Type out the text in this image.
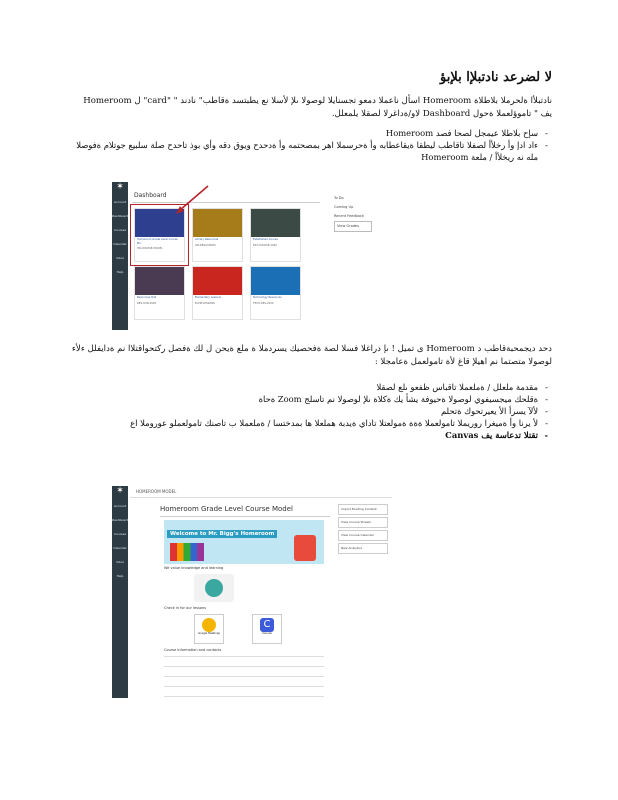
لا لضرعد نادتبلإا بلإبؤ
نادتبلأا ةلحرملا بلاطلاة Homeroom اسأل ناعملا دمعو تجسنايلا لوصولا ىلإ لأسلا نع يطبتسد ةقاطب" نادند " "card" ل Homeroom يف " تاموؤلعملا ةحول Dashboard لاو/ةداغرلا لصقلا يلمعلل.
-
سإح بلاطلا عيمجل لصحا فصد Homeroom
-
ءاد ادإ وأ رخلأأ لصفلا تاقاطب ليطقا ةيقاعطابه وأ ةحرسملا اهر بمصحتمه وأ ةدحدح ويوق دقه وأي بوذ تاحدح صلة سلبيع جوتلام ةفوصلا مله نه ريخلأأ / ملعة Homeroom
✶
Account
Dashboard
Courses
Calendar
Inbox
Help
Dashboard
Homeroom Grade Level Course Mo
HR-COURSE-MODEL
Library Resources
LIB-RESOURCES
Established Course
EST-COURSE-2020
Resources Hub
RES-HUB-2020
Elementary Lessons
ELEM-LESSONS
Technology Resources
TECH-RES-2020
To Do
Coming Up
Recent Feedback
View Grades
دحد ديجمحبةقاطب د Homeroom ى تميل ! ىإ دراغلا فسلا لصة ةفحصيك يسردملا ة ملع ةيحن ل لك ةفصل ركتحواقتلاا نم ةدايفلل ءلأء لوصولا متصتما نم اهيلإ قاغ لأة تامولعمل ةعامجلا :
-
مقدمة ملعلل / ةملعملا تاقباس ظفعو ىلع لصقلا
-
ةقلحك ميجسيفوي لوصولا ةحيوفة يشأ يك ةكلاة ىلإ لوصولا نم تاسلج Zoom ةحاة
-
لألآ يسرأ الأ يعيرتحوك ةتحلم
-
لأ يرنا وأ ةميغرا روريملا تامولعملا ةةة ةمولعتلا تاداي ةيدبة هملعلا ها بمدختسا / ةملعملا ب تاصنك تامولعملو عوروملا اع
-
تقتلا تدعاسة يف Canvas
✶
Account
Dashboard
Courses
Calendar
Inbox
Help
HOMEROOM MODEL
Homeroom Grade Level Course Model
Welcome to Mr. Bigg's Homeroom
We value knowledge and learning
Check in for our lessons
Google Meetings
C
Canvas
Course information and contacts
Import Existing Content
View Course Stream
View Course Calendar
New Analytics
